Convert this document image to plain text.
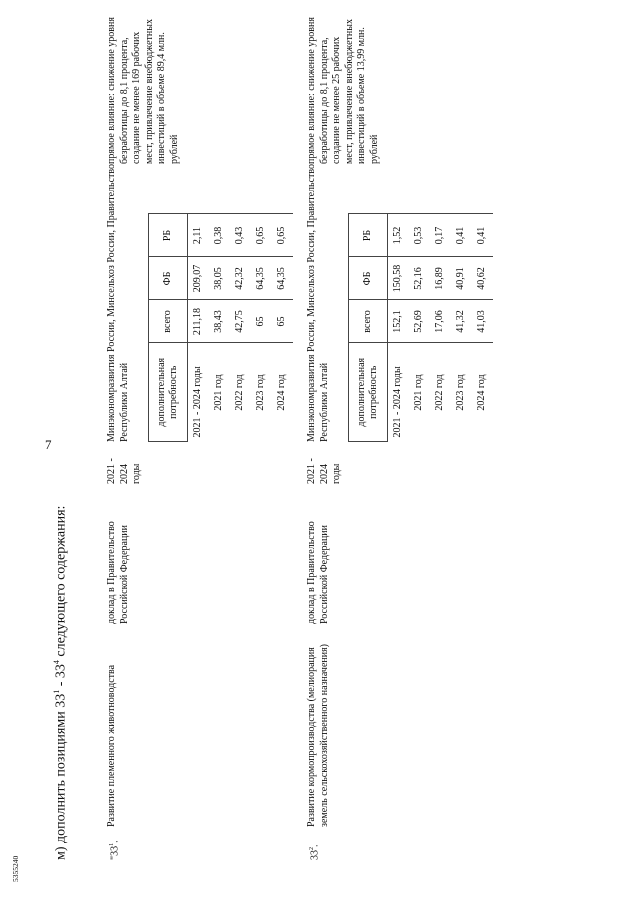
7
5355240
м) дополнить позициями $33^1 - 33^4$ следующего содержания:
"$33^1$.
Развитие племенного животноводства
доклад в Правительство Российской Федерации
2021 - 2024 годы
Минэкономразвития России, Минсельхоз России, Правительство Республики Алтай
прямое влияние: снижение уровня безработицы до 8,1 процента, создание не менее 169 рабочих мест, привлечение внебюджетных инвестиций в объеме 89,4 млн. рублей
дополнительная потребность	всего	ФБ	РБ
2021 - 2024 годы	211,18	209,07	2,11
2021 год	38,43	38,05	0,38
2022 год	42,75	42,32	0,43
2023 год	65	64,35	0,65
2024 год	65	64,35	0,65
$33^2$.
Развитие кормопроизводства (мелиорация земель сельскохозяйственного назначения)
доклад в Правительство Российской Федерации
2021 - 2024 годы
Минэкономразвития России, Минсельхоз России, Правительство Республики Алтай
прямое влияние: снижение уровня безработицы до 8,1 процента, создание не менее 25 рабочих мест, привлечение внебюджетных инвестиций в объеме 13,99 млн. рублей
дополнительная потребность	всего	ФБ	РБ
2021 - 2024 годы	152,1	150,58	1,52
2021 год	52,69	52,16	0,53
2022 год	17,06	16,89	0,17
2023 год	41,32	40,91	0,41
2024 год	41,03	40,62	0,41
